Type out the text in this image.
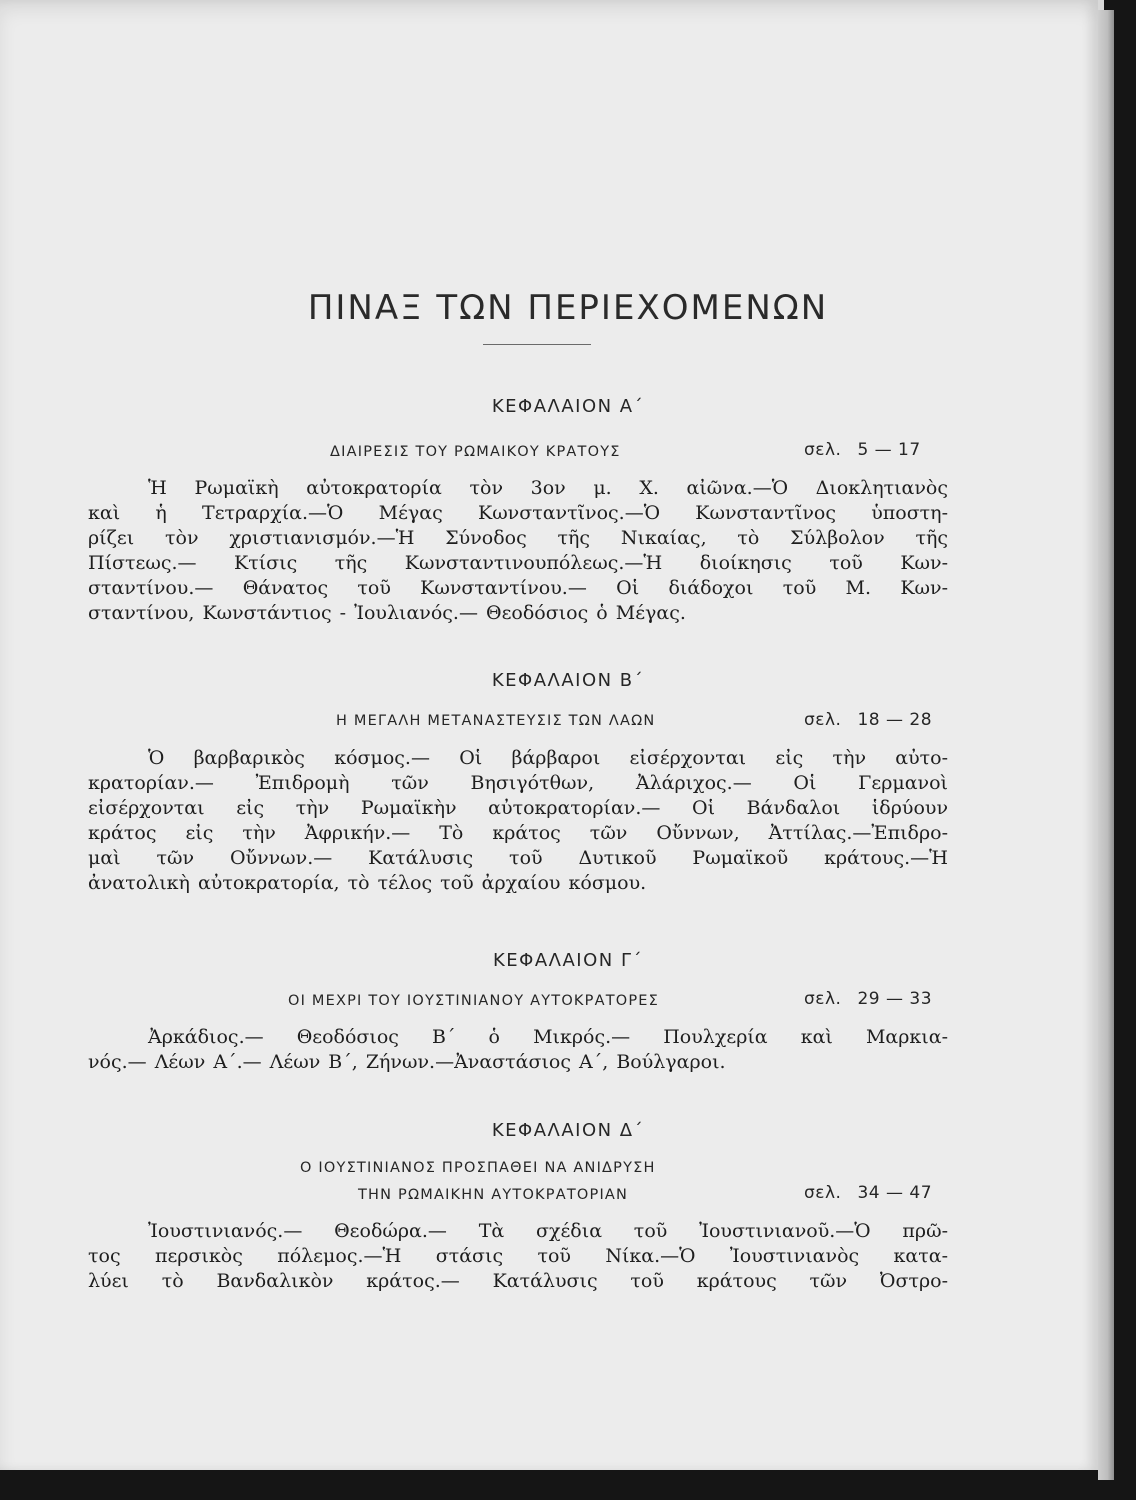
ΠΙΝΑΞ ΤΩΝ ΠΕΡΙΕΧΟΜΕΝΩΝ
ΚΕΦΑΛΑΙΟΝ Α΄
ΔΙΑΙΡΕΣΙΣ ΤΟΥ ΡΩΜΑΙΚΟΥ ΚΡΑΤΟΥΣ	σελ. 5 — 17
Ἡ Ρωμαϊκὴ αὐτοκρατορία τὸν 3ον μ. Χ. αἰῶνα.—Ὁ Διοκλητιανὸς
καὶ ἡ Τετραρχία.—Ὁ Μέγας Κωνσταντῖνος.—Ὁ Κωνσταντῖνος ὑποστη-
ρίζει τὸν χριστιανισμόν.—Ἡ Σύνοδος τῆς Νικαίας, τὸ Σύλβολον τῆς
Πίστεως.— Κτίσις τῆς Κωνσταντινουπόλεως.—Ἡ διοίκησις τοῦ Κων-
σταντίνου.— Θάνατος τοῦ Κωνσταντίνου.— Οἱ διάδοχοι τοῦ Μ. Κων-
σταντίνου, Κωνστάντιος - Ἰουλιανός.— Θεοδόσιος ὁ Μέγας.
ΚΕΦΑΛΑΙΟΝ Β΄
Η ΜΕΓΑΛΗ ΜΕΤΑΝΑΣΤΕΥΣΙΣ ΤΩΝ ΛΑΩΝ	σελ. 18 — 28
Ὁ βαρβαρικὸς κόσμος.— Οἱ βάρβαροι εἰσέρχονται εἰς τὴν αὐτο-
κρατορίαν.— Ἐπιδρομὴ τῶν Βησιγότθων, Ἀλάριχος.— Οἱ Γερμανοὶ
εἰσέρχονται εἰς τὴν Ρωμαϊκὴν αὐτοκρατορίαν.— Οἱ Βάνδαλοι ἱδρύουν
κράτος εἰς τὴν Ἀφρικήν.— Τὸ κράτος τῶν Οὔννων, Ἀττίλας.—Ἐπιδρο-
μαὶ τῶν Οὔννων.— Κατάλυσις τοῦ Δυτικοῦ Ρωμαϊκοῦ κράτους.—Ἡ
ἀνατολικὴ αὐτοκρατορία, τὸ τέλος τοῦ ἀρχαίου κόσμου.
ΚΕΦΑΛΑΙΟΝ Γ΄
ΟΙ ΜΕΧΡΙ ΤΟΥ ΙΟΥΣΤΙΝΙΑΝΟΥ ΑΥΤΟΚΡΑΤΟΡΕΣ	σελ. 29 — 33
Ἀρκάδιος.— Θεοδόσιος Β΄ ὁ Μικρός.— Πουλχερία καὶ Μαρκια-
νός.— Λέων Α΄.— Λέων Β΄, Ζήνων.—Ἀναστάσιος Α΄, Βούλγαροι.
ΚΕΦΑΛΑΙΟΝ Δ΄
Ο ΙΟΥΣΤΙΝΙΑΝΟΣ ΠΡΟΣΠΑΘΕΙ ΝΑ ΑΝΙΔΡΥΣΗ
ΤΗΝ ΡΩΜΑΙΚΗΝ ΑΥΤΟΚΡΑΤΟΡΙΑΝ	σελ. 34 — 47
Ἰουστινιανός.— Θεοδώρα.— Τὰ σχέδια τοῦ Ἰουστινιανοῦ.—Ὁ πρῶ-
τος περσικὸς πόλεμος.—Ἡ στάσις τοῦ Νίκα.—Ὁ Ἰουστινιανὸς κατα-
λύει τὸ Βανδαλικὸν κράτος.— Κατάλυσις τοῦ κράτους τῶν Ὀστρο-
